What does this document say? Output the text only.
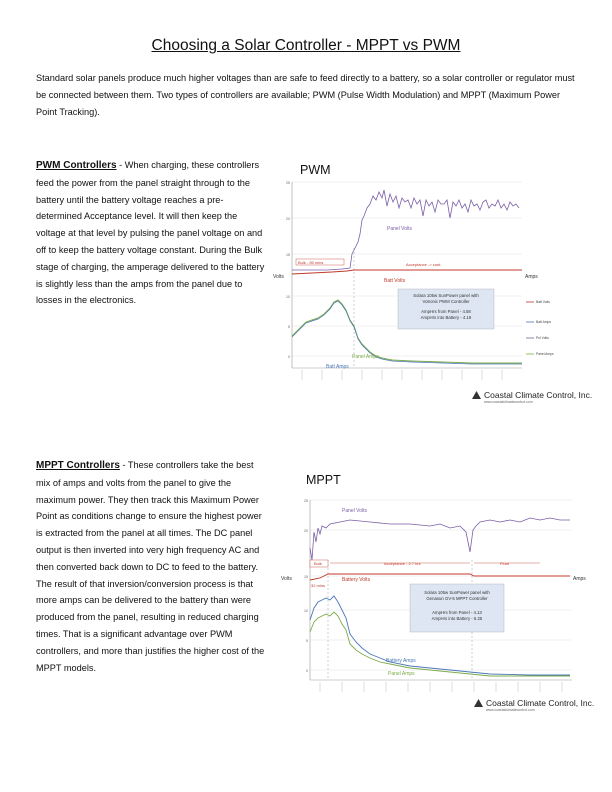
Choosing a Solar Controller - MPPT vs PWM
Standard solar panels produce much higher voltages than are safe to feed directly to a battery, so a solar controller or regulator must be connected between them. Two types of controllers are available; PWM (Pulse Width Modulation) and MPPT (Maximum Power Point Tracking).
PWM Controllers - When charging, these controllers feed the power from the panel straight through to the battery until the battery voltage reaches a pre-determined Acceptance level. It will then keep the voltage at that level by pulsing the panel voltage on and off to keep the battery voltage constant. During the Bulk stage of charging, the amperage delivered to the battery is slightly less than the amps from the panel due to losses in the electronics.
PWM
25
20
15
10
5
0
Bulk - 55 mins	Acceptance -> cont.
Panel Volts
Batt Volts
Volts	Amps
Panel Amps
Batt Amps
Solara 105w SunPower panel with
Votronic PWM Controller
AmpHrs from Panel - 4.58
AmpHrs into Battery - 4.19
Batt Volts
Batt Amps
Pnl Volts
Panel Amps
Coastal Climate Control, Inc.
www.coastalclimatecontrol.com
MPPT Controllers - These controllers take the best mix of amps and volts from the panel to give the maximum power. They then track this Maximum Power Point as conditions change to ensure the highest power is extracted from the panel at all times. The DC panel output is then inverted into very high frequency AC and then converted back down to DC to feed to the battery. The result of that inversion/conversion process is that more amps can be delivered to the battery than were produced from the panel, resulting in reduced charging times. That is a significant advantage over PWM controllers, and more than justifies the higher cost of the MPPT models.
MPPT
25
20
15
10
5
0
Bulk
32 mins
Acceptance - 2.7 hrs	Float
Panel Volts
Battery Volts
Volts	Amps
Battery Amps
Panel Amps
Solara 105w SunPower panel with
Genasun GV-5 MPPT Controller
AmpHrs from Panel - 4.13
AmpHrs into Battery - 5.25
Coastal Climate Control, Inc.
www.coastalclimatecontrol.com
